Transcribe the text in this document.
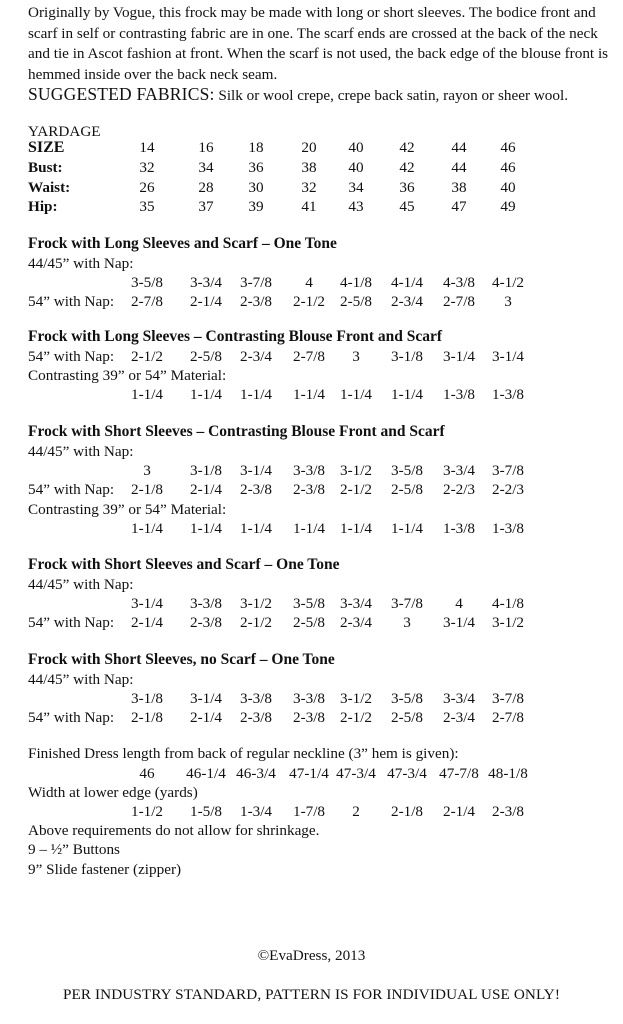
Originally by Vogue, this frock may be made with long or short sleeves. The bodice front and scarf in self or contrasting fabric are in one. The scarf ends are crossed at the back of the neck and tie in Ascot fashion at front. When the scarf is not used, the back edge of the blouse front is hemmed inside over the back neck seam.
SUGGESTED FABRICS: Silk or wool crepe, crepe back satin, rayon or sheer wool.
YARDAGE
SIZE	14	16	18	20	40	42	44	46
Bust:	32	34	36	38	40	42	44	46
Waist:	26	28	30	32	34	36	38	40
Hip:	35	37	39	41	43	45	47	49
Frock with Long Sleeves and Scarf – One Tone
44/45” with Nap:
3-5/8	3-3/4	3-7/8	4	4-1/8	4-1/4	4-3/8	4-1/2
54” with Nap:	2-7/8	2-1/4	2-3/8	2-1/2 2-5/8	2-3/4	2-7/8	3
Frock with Long Sleeves – Contrasting Blouse Front and Scarf
54” with Nap:	2-1/2	2-5/8	2-3/4	2-7/8	3	3-1/8	3-1/4	3-1/4
Contrasting 39” or 54” Material:
1-1/4	1-1/4	1-1/4	1-1/4 1-1/4	1-1/4	1-3/8	1-3/8
Frock with Short Sleeves – Contrasting Blouse Front and Scarf
44/45” with Nap:
3	3-1/8	3-1/4	3-3/8 3-1/2	3-5/8	3-3/4	3-7/8
54” with Nap:	2-1/8	2-1/4	2-3/8	2-3/8 2-1/2	2-5/8	2-2/3	2-2/3
Contrasting 39” or 54” Material:
1-1/4	1-1/4	1-1/4	1-1/4 1-1/4	1-1/4	1-3/8	1-3/8
Frock with Short Sleeves and Scarf – One Tone
44/45” with Nap:
3-1/4	3-3/8	3-1/2	3-5/8 3-3/4	3-7/8	4	4-1/8
54” with Nap:	2-1/4	2-3/8	2-1/2	2-5/8 2-3/4	3	3-1/4	3-1/2
Frock with Short Sleeves, no Scarf – One Tone
44/45” with Nap:
3-1/8	3-1/4	3-3/8	3-3/8 3-1/2	3-5/8	3-3/4	3-7/8
54” with Nap:	2-1/8	2-1/4	2-3/8	2-3/8 2-1/2	2-5/8	2-3/4	2-7/8
Finished Dress length from back of regular neckline (3” hem is given):
46	46-1/4 46-3/4 47-1/4 47-3/4 47-3/4 47-7/8 48-1/8
Width at lower edge (yards)
1-1/2	1-5/8	1-3/4	1-7/8	2	2-1/8	2-1/4	2-3/8
Above requirements do not allow for shrinkage.
9 – ½” Buttons
9” Slide fastener (zipper)
©EvaDress, 2013
PER INDUSTRY STANDARD, PATTERN IS FOR INDIVIDUAL USE ONLY!
